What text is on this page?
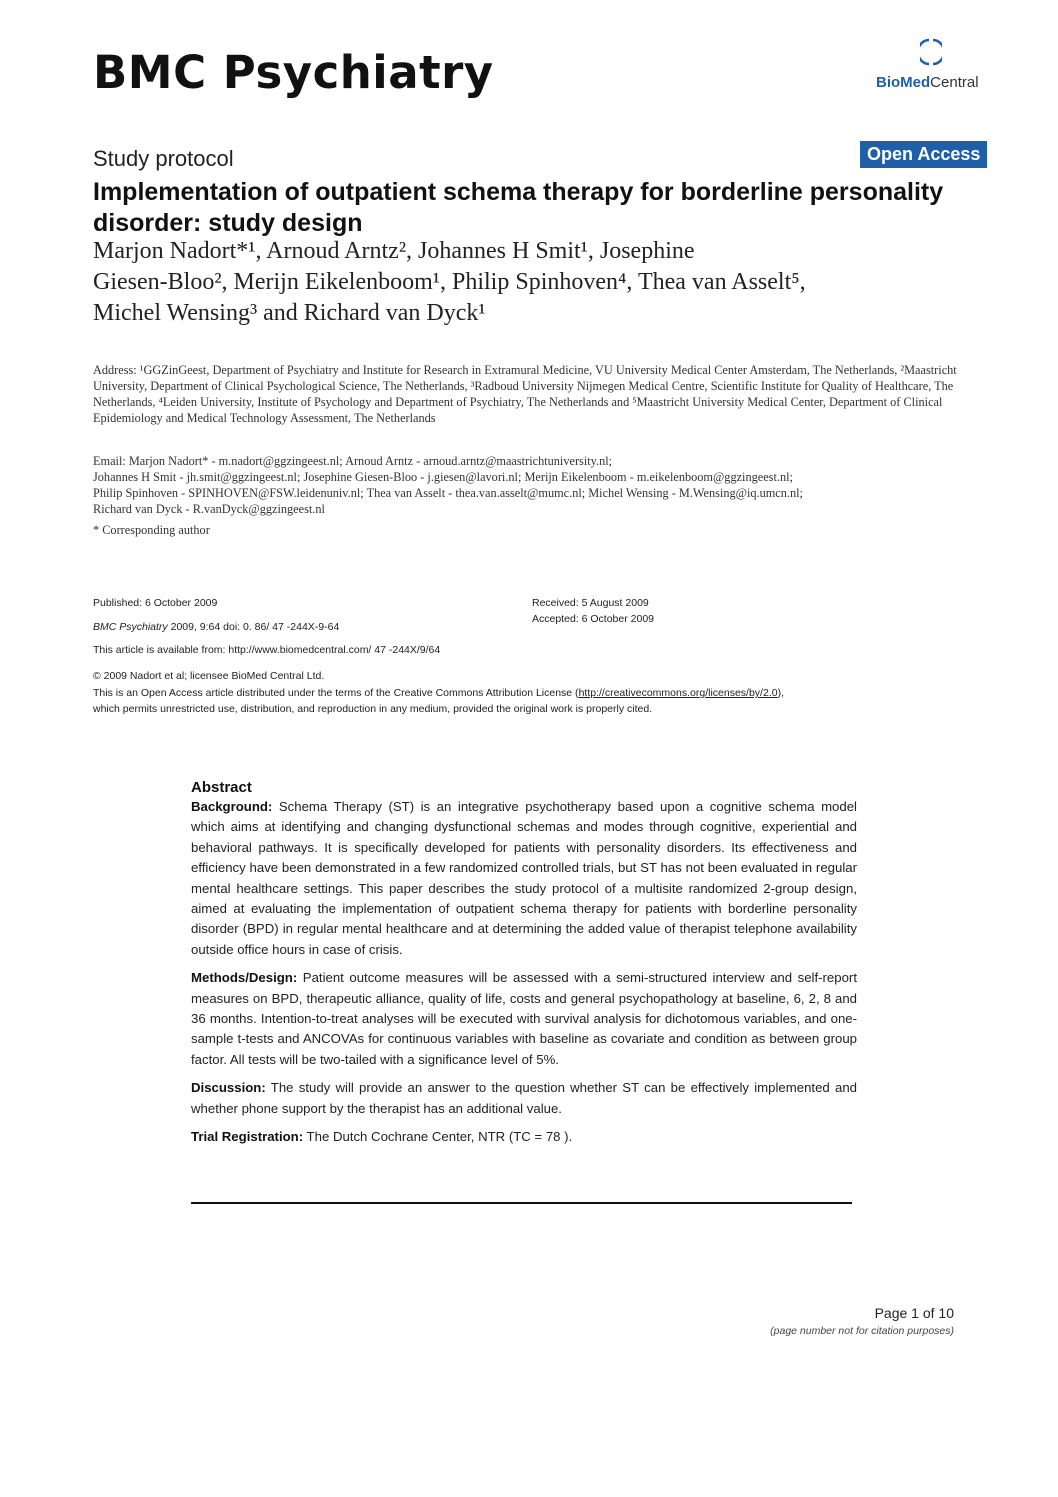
BMC Psychiatry	BioMedCentral
Study protocol	Open Access
Implementation of outpatient schema therapy for borderline personality disorder: study design
Marjon Nadort*¹, Arnoud Arntz², Johannes H Smit¹, Josephine
Giesen-Bloo², Merijn Eikelenboom¹, Philip Spinhoven⁴, Thea van Asselt⁵,
Michel Wensing³ and Richard van Dyck¹
Address: ¹GGZinGeest, Department of Psychiatry and Institute for Research in Extramural Medicine, VU University Medical Center Amsterdam, The Netherlands, ²Maastricht University, Department of Clinical Psychological Science, The Netherlands, ³Radboud University Nijmegen Medical Centre, Scientific Institute for Quality of Healthcare, The Netherlands, ⁴Leiden University, Institute of Psychology and Department of Psychiatry, The Netherlands and ⁵Maastricht University Medical Center, Department of Clinical Epidemiology and Medical Technology Assessment, The Netherlands
Email: Marjon Nadort* - m.nadort@ggzingeest.nl; Arnoud Arntz - arnoud.arntz@maastrichtuniversity.nl;
Johannes H Smit - jh.smit@ggzingeest.nl; Josephine Giesen-Bloo - j.giesen@lavori.nl; Merijn Eikelenboom - m.eikelenboom@ggzingeest.nl;
Philip Spinhoven - SPINHOVEN@FSW.leidenuniv.nl; Thea van Asselt - thea.van.asselt@mumc.nl; Michel Wensing - M.Wensing@iq.umcn.nl;
Richard van Dyck - R.vanDyck@ggzingeest.nl
* Corresponding author
Published: 6 October 2009
BMC Psychiatry 2009, 9:64 doi: 0. 86/ 47 -244X-9-64
Received: 5 August 2009
Accepted: 6 October 2009
This article is available from: http://www.biomedcentral.com/ 47 -244X/9/64
© 2009 Nadort et al; licensee BioMed Central Ltd.
This is an Open Access article distributed under the terms of the Creative Commons Attribution License (http://creativecommons.org/licenses/by/2.0),
which permits unrestricted use, distribution, and reproduction in any medium, provided the original work is properly cited.
Abstract

Background: Schema Therapy (ST) is an integrative psychotherapy based upon a cognitive schema model which aims at identifying and changing dysfunctional schemas and modes through cognitive, experiential and behavioral pathways. It is specifically developed for patients with personality disorders. Its effectiveness and efficiency have been demonstrated in a few randomized controlled trials, but ST has not been evaluated in regular mental healthcare settings. This paper describes the study protocol of a multisite randomized 2-group design, aimed at evaluating the implementation of outpatient schema therapy for patients with borderline personality disorder (BPD) in regular mental healthcare and at determining the added value of therapist telephone availability outside office hours in case of crisis.

Methods/Design: Patient outcome measures will be assessed with a semi-structured interview and self-report measures on BPD, therapeutic alliance, quality of life, costs and general psychopathology at baseline, 6, 2, 8 and 36 months. Intention-to-treat analyses will be executed with survival analysis for dichotomous variables, and one-sample t-tests and ANCOVAs for continuous variables with baseline as covariate and condition as between group factor. All tests will be two-tailed with a significance level of 5%.

Discussion: The study will provide an answer to the question whether ST can be effectively implemented and whether phone support by the therapist has an additional value.

Trial Registration: The Dutch Cochrane Center, NTR (TC = 78 ).

Page 1 of 10
(page number not for citation purposes)
